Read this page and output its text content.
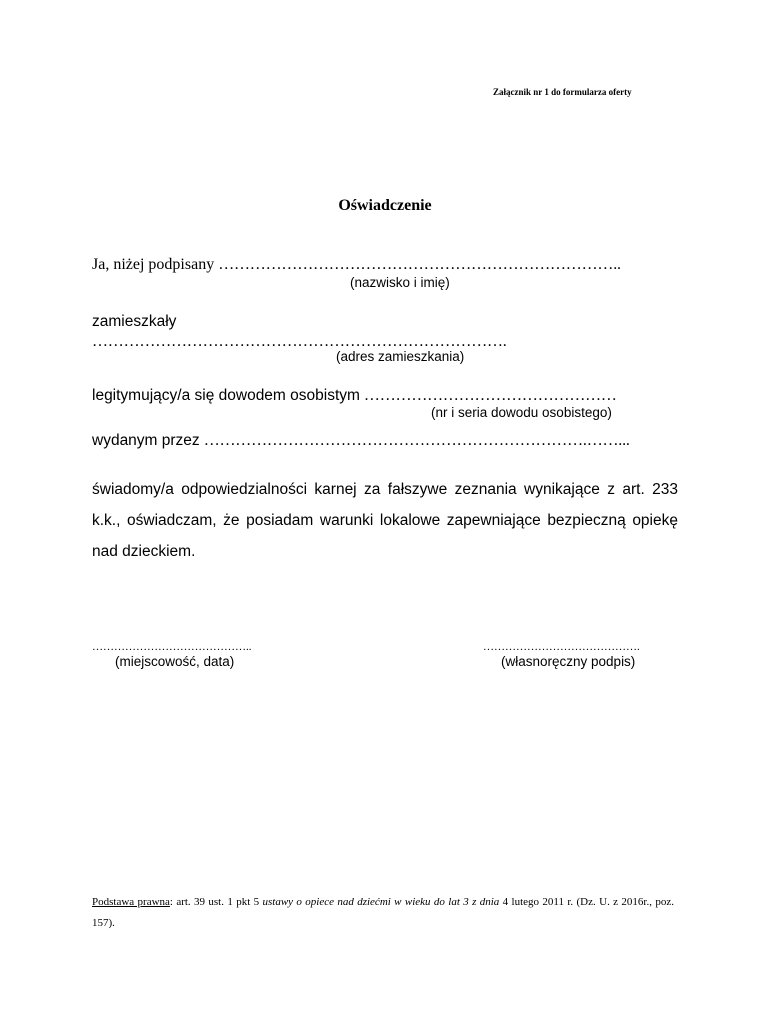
Załącznik nr 1 do formularza oferty
Oświadczenie
Ja, niżej podpisany …………………………………………………………………..
(nazwisko i imię)
zamieszkały
…………………………………………………………………….
(adres zamieszkania)
legitymujący/a się dowodem osobistym …………………………………………
(nr i seria dowodu osobistego)
wydanym przez ……………………………………………………………….……...
świadomy/a odpowiedzialności karnej za fałszywe zeznania wynikające z art. 233 k.k., oświadczam, że posiadam warunki lokalowe zapewniające bezpieczną opiekę nad dzieckiem.
……………………………………..
(miejscowość, data)
…………………………………….
(własnoręczny podpis)
Podstawa prawna: art. 39 ust. 1 pkt 5 ustawy o opiece nad dziećmi w wieku do lat 3 z dnia 4 lutego 2011 r. (Dz. U. z 2016r., poz. 157).
